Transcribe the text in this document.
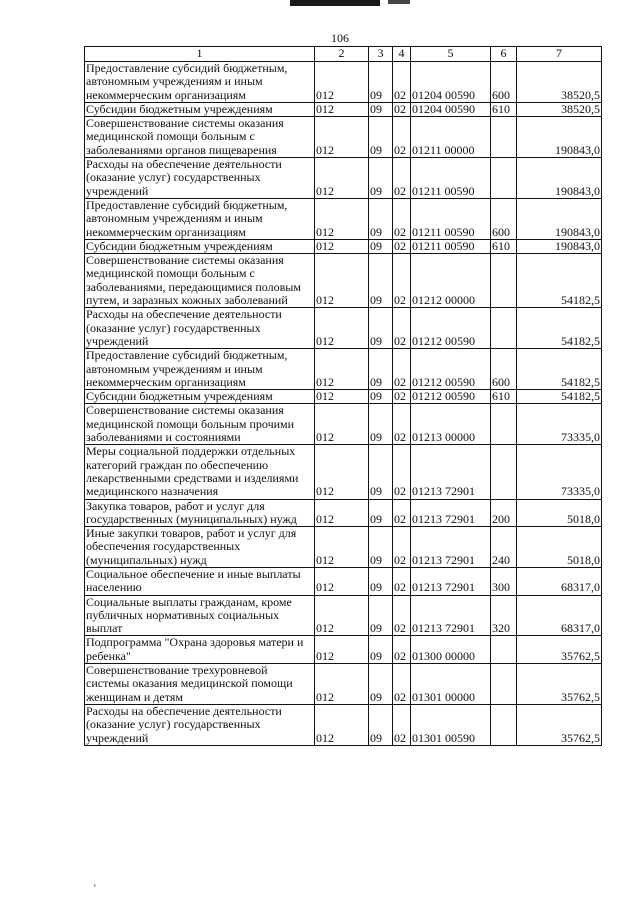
106
1	2	3	4	5	6	7
Предоставление субсидий бюджетным, автономным учреждениям и иным некоммерческим организациям	012	09	02	01204 00590	600	38520,5
Субсидии бюджетным учреждениям	012	09	02	01204 00590	610	38520,5
Совершенствование системы оказания медицинской помощи больным с заболеваниями органов пищеварения	012	09	02	01211 00000		190843,0
Расходы на обеспечение деятельности (оказание услуг) государственных учреждений	012	09	02	01211 00590		190843,0
Предоставление субсидий бюджетным, автономным учреждениям и иным некоммерческим организациям	012	09	02	01211 00590	600	190843,0
Субсидии бюджетным учреждениям	012	09	02	01211 00590	610	190843,0
Совершенствование системы оказания медицинской помощи больным с заболеваниями, передающимися половым путем, и заразных кожных заболеваний	012	09	02	01212 00000		54182,5
Расходы на обеспечение деятельности (оказание услуг) государственных учреждений	012	09	02	01212 00590		54182,5
Предоставление субсидий бюджетным, автономным учреждениям и иным некоммерческим организациям	012	09	02	01212 00590	600	54182,5
Субсидии бюджетным учреждениям	012	09	02	01212 00590	610	54182,5
Совершенствование системы оказания медицинской помощи больным прочими заболеваниями и состояниями	012	09	02	01213 00000		73335,0
Меры социальной поддержки отдельных категорий граждан по обеспечению лекарственными средствами и изделиями медицинского назначения	012	09	02	01213 72901		73335,0
Закупка товаров, работ и услуг для государственных (муниципальных) нужд	012	09	02	01213 72901	200	5018,0
Иные закупки товаров, работ и услуг для обеспечения государственных (муниципальных) нужд	012	09	02	01213 72901	240	5018,0
Социальное обеспечение и иные выплаты населению	012	09	02	01213 72901	300	68317,0
Социальные выплаты гражданам, кроме публичных нормативных социальных выплат	012	09	02	01213 72901	320	68317,0
Подпрограмма "Охрана здоровья матери и ребенка"	012	09	02	01300 00000		35762,5
Совершенствование трехуровневой системы оказания медицинской помощи женщинам и детям	012	09	02	01301 00000		35762,5
Расходы на обеспечение деятельности (оказание услуг) государственных учреждений	012	09	02	01301 00590		35762,5
‘
